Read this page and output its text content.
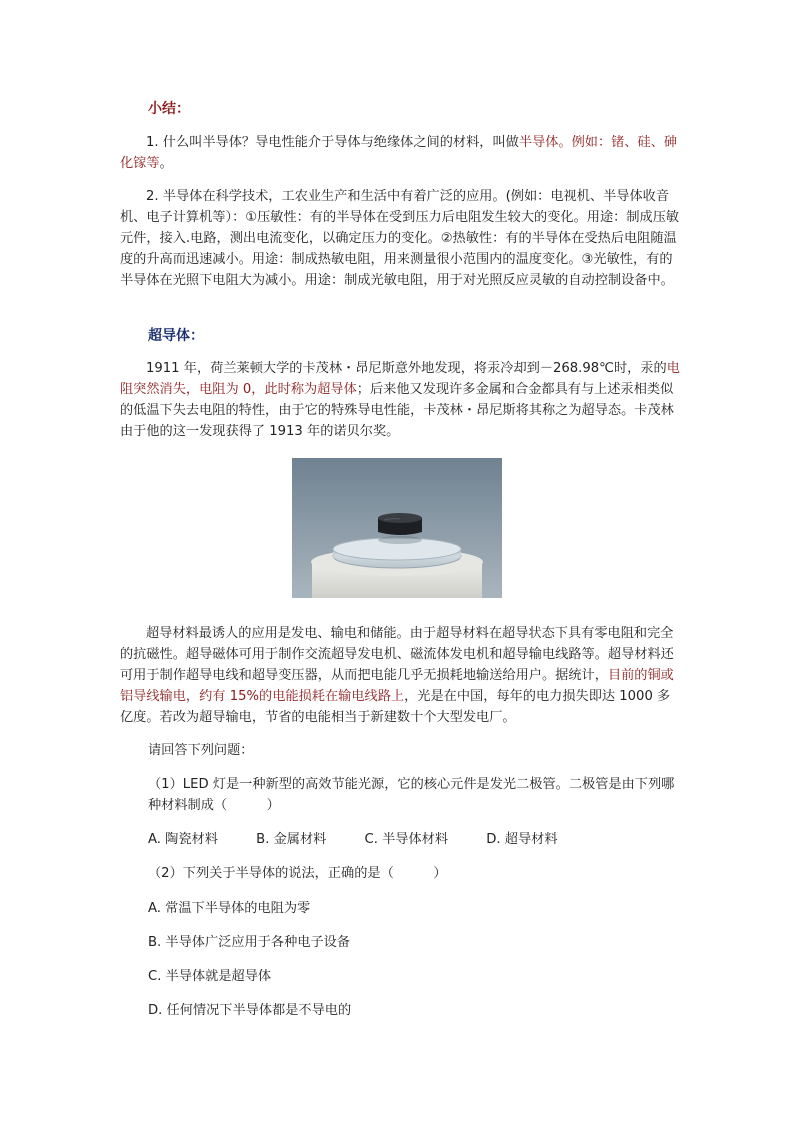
小结：

1. 什么叫半导体？导电性能介于导体与绝缘体之间的材料，叫做半导体。例如：锗、硅、砷化镓等。

2. 半导体在科学技术，工农业生产和生活中有着广泛的应用。(例如：电视机、半导体收音机、电子计算机等）：①压敏性：有的半导体在受到压力后电阻发生较大的变化。用途：制成压敏元件，接入.电路，测出电流变化，以确定压力的变化。②热敏性：有的半导体在受热后电阻随温度的升高而迅速减小。用途：制成热敏电阻，用来测量很小范围内的温度变化。③光敏性，有的半导体在光照下电阻大为减小。用途：制成光敏电阻，用于对光照反应灵敏的自动控制设备中。

超导体：

1911 年，荷兰莱顿大学的卡茂林・昂尼斯意外地发现，将汞冷却到－268.98℃时，汞的电阻突然消失，电阻为 0，此时称为超导体；后来他又发现许多金属和合金都具有与上述汞相类似的低温下失去电阻的特性，由于它的特殊导电性能，卡茂林・昂尼斯将其称之为超导态。卡茂林由于他的这一发现获得了 1913 年的诺贝尔奖。

超导材料最诱人的应用是发电、输电和储能。由于超导材料在超导状态下具有零电阻和完全的抗磁性。超导磁体可用于制作交流超导发电机、磁流体发电机和超导输电线路等。超导材料还可用于制作超导电线和超导变压器，从而把电能几乎无损耗地输送给用户。据统计，目前的铜或铝导线输电，约有 15%的电能损耗在输电线路上，光是在中国，每年的电力损失即达 1000 多亿度。若改为超导输电，节省的电能相当于新建数十个大型发电厂。

请回答下列问题：

（1）LED 灯是一种新型的高效节能光源，它的核心元件是发光二极管。二极管是由下列哪种材料制成（　　　）

A. 陶瓷材料	B. 金属材料	C. 半导体材料	D. 超导材料
（2）下列关于半导体的说法，正确的是（　　　）
A. 常温下半导体的电阻为零
B. 半导体广泛应用于各种电子设备
C. 半导体就是超导体
D. 任何情况下半导体都是不导电的
